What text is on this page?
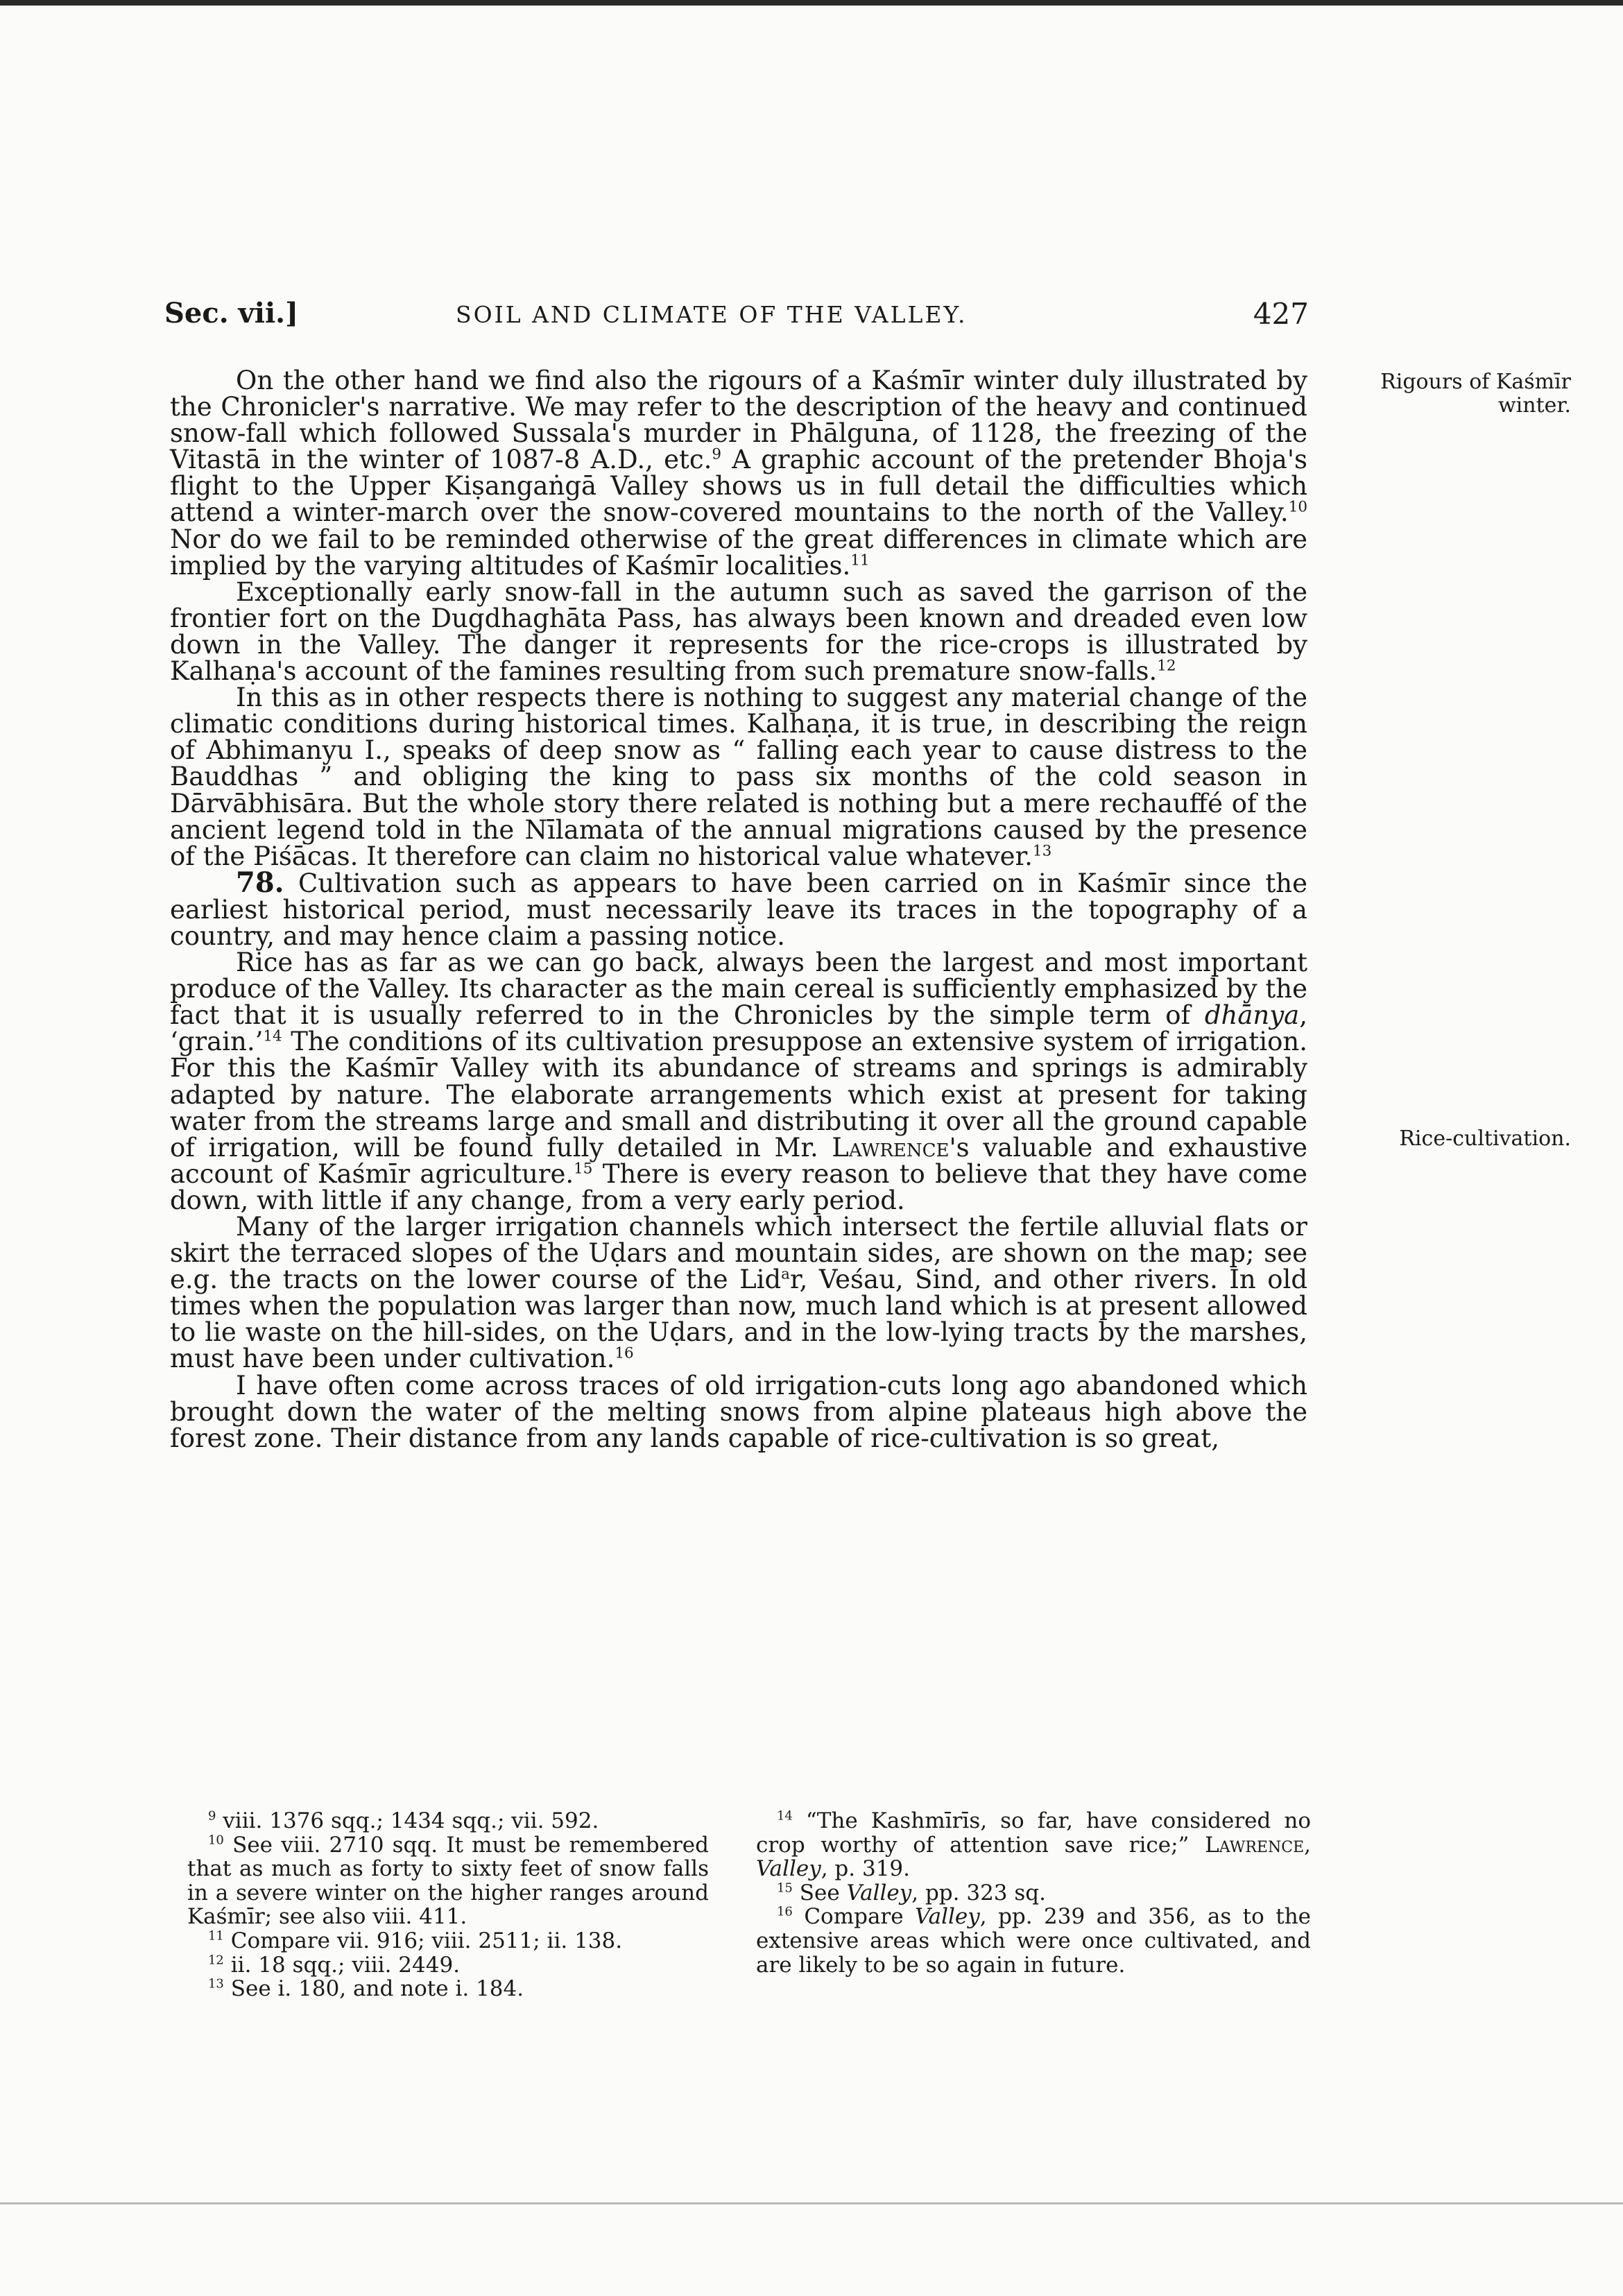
Sec. vii.]	SOIL AND CLIMATE OF THE VALLEY.	427
Rigours of Kaśmīr winter.
Rice-cultivation.

On the other hand we find also the rigours of a Kaśmīr winter duly illustrated by the Chronicler's narrative. We may refer to the description of the heavy and continued snow-fall which followed Sussala's murder in Phālguna, of 1128, the freezing of the Vitastā in the winter of 1087-8 A.D., etc.$^9$ A graphic account of the pretender Bhoja's flight to the Upper Kiṣangaṅgā Valley shows us in full detail the difficulties which attend a winter-march over the snow-covered mountains to the north of the Valley.$^{10}$ Nor do we fail to be reminded otherwise of the great differences in climate which are implied by the varying altitudes of Kaśmīr localities.$^{11}$

Exceptionally early snow-fall in the autumn such as saved the garrison of the frontier fort on the Dugdhaghāta Pass, has always been known and dreaded even low down in the Valley. The danger it represents for the rice-crops is illustrated by Kalhaṇa's account of the famines resulting from such premature snow-falls.$^{12}$

In this as in other respects there is nothing to suggest any material change of the climatic conditions during historical times. Kalhaṇa, it is true, in describing the reign of Abhimanyu I., speaks of deep snow as “ falling each year to cause distress to the Bauddhas ” and obliging the king to pass six months of the cold season in Dārvābhisāra. But the whole story there related is nothing but a mere rechauffé of the ancient legend told in the Nīlamata of the annual migrations caused by the presence of the Piśācas. It therefore can claim no historical value whatever.$^{13}$

78. Cultivation such as appears to have been carried on in Kaśmīr since the earliest historical period, must necessarily leave its traces in the topography of a country, and may hence claim a passing notice.

Rice has as far as we can go back, always been the largest and most important produce of the Valley. Its character as the main cereal is sufficiently emphasized by the fact that it is usually referred to in the Chronicles by the simple term of dhānya, ‘grain.’$^{14}$ The conditions of its cultivation presuppose an extensive system of irrigation. For this the Kaśmīr Valley with its abundance of streams and springs is admirably adapted by nature. The elaborate arrangements which exist at present for taking water from the streams large and small and distributing it over all the ground capable of irrigation, will be found fully detailed in Mr. Lawrence's valuable and exhaustive account of Kaśmīr agriculture.$^{15}$ There is every reason to believe that they have come down, with little if any change, from a very early period.

Many of the larger irrigation channels which intersect the fertile alluvial flats or skirt the terraced slopes of the Uḍars and mountain sides, are shown on the map; see e.g. the tracts on the lower course of the Lid$^a$r, Veśau, Sind, and other rivers. In old times when the population was larger than now, much land which is at present allowed to lie waste on the hill-sides, on the Uḍars, and in the low-lying tracts by the marshes, must have been under cultivation.$^{16}$

I have often come across traces of old irrigation-cuts long ago abandoned which brought down the water of the melting snows from alpine plateaus high above the forest zone. Their distance from any lands capable of rice-cultivation is so great,

$^9$ viii. 1376 sqq.; 1434 sqq.; vii. 592.

$^{10}$ See viii. 2710 sqq. It must be remembered that as much as forty to sixty feet of snow falls in a severe winter on the higher ranges around Kaśmīr; see also viii. 411.

$^{11}$ Compare vii. 916; viii. 2511; ii. 138.

$^{12}$ ii. 18 sqq.; viii. 2449.

$^{13}$ See i. 180, and note i. 184.

$^{14}$ “The Kashmīrīs, so far, have considered no crop worthy of attention save rice;” Lawrence, Valley, p. 319.

$^{15}$ See Valley, pp. 323 sq.

$^{16}$ Compare Valley, pp. 239 and 356, as to the extensive areas which were once cultivated, and are likely to be so again in future.
